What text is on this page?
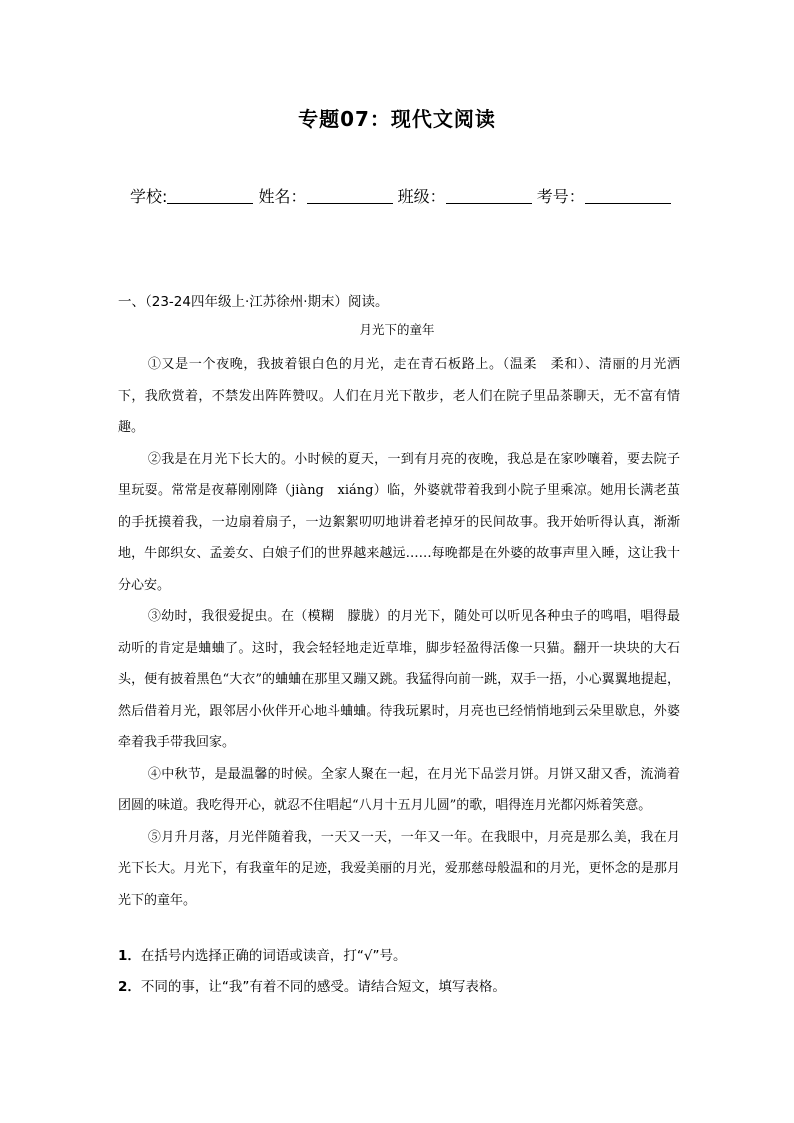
专题07：现代文阅读
学校:	姓名：	班级：	考号：
一、（23-24四年级上·江苏徐州·期末）阅读。
月光下的童年

①又是一个夜晚，我披着银白色的月光，走在青石板路上。（温柔　柔和）、清丽的月光洒下，我欣赏着，不禁发出阵阵赞叹。人们在月光下散步，老人们在院子里品茶聊天，无不富有情趣。

②我是在月光下长大的。小时候的夏天，一到有月亮的夜晚，我总是在家吵嚷着，要去院子里玩耍。常常是夜幕刚刚降（jiàng　xiáng）临，外婆就带着我到小院子里乘凉。她用长满老茧的手抚摸着我，一边扇着扇子，一边絮絮叨叨地讲着老掉牙的民间故事。我开始听得认真，渐渐地，牛郎织女、孟姜女、白娘子们的世界越来越远……每晚都是在外婆的故事声里入睡，这让我十分心安。

③幼时，我很爱捉虫。在（模糊　朦胧）的月光下，随处可以听见各种虫子的鸣唱，唱得最动听的肯定是蛐蛐了。这时，我会轻轻地走近草堆，脚步轻盈得活像一只猫。翻开一块块的大石头，便有披着黑色“大衣”的蛐蛐在那里又蹦又跳。我猛得向前一跳，双手一捂，小心翼翼地提起，然后借着月光，跟邻居小伙伴开心地斗蛐蛐。待我玩累时，月亮也已经悄悄地到云朵里歇息，外婆牵着我手带我回家。

④中秋节，是最温馨的时候。全家人聚在一起，在月光下品尝月饼。月饼又甜又香，流淌着团圆的味道。我吃得开心，就忍不住唱起“八月十五月儿圆”的歌，唱得连月光都闪烁着笑意。

⑤月升月落，月光伴随着我，一天又一天，一年又一年。在我眼中，月亮是那么美，我在月光下长大。月光下，有我童年的足迹，我爱美丽的月光，爱那慈母般温和的月光，更怀念的是那月光下的童年。

1．在括号内选择正确的词语或读音，打“√”号。
2．不同的事，让“我”有着不同的感受。请结合短文，填写表格。
